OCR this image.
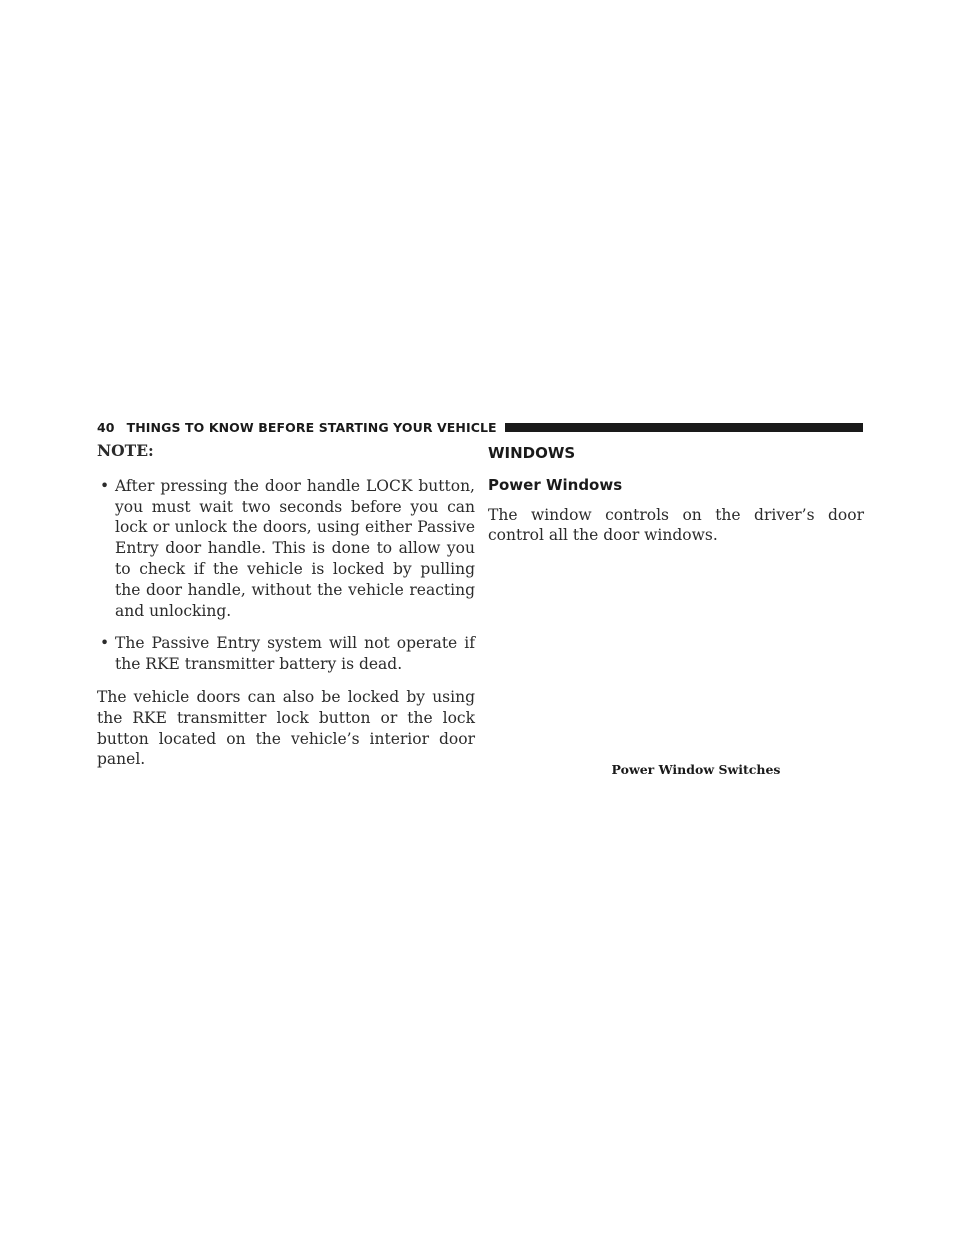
40 THINGS TO KNOW BEFORE STARTING YOUR VEHICLE

NOTE:

• After pressing the door handle LOCK button, you must wait two seconds before you can lock or unlock the doors, using either Passive Entry door handle. This is done to allow you to check if the vehicle is locked by pulling the door handle, without the vehicle reacting and unlocking.
• The Passive Entry system will not operate if the RKE transmitter battery is dead.

The vehicle doors can also be locked by using the RKE transmitter lock button or the lock button located on the vehicle’s interior door panel.

WINDOWS
Power Windows

The window controls on the driver’s door control all the door windows.

Power Window Switches
